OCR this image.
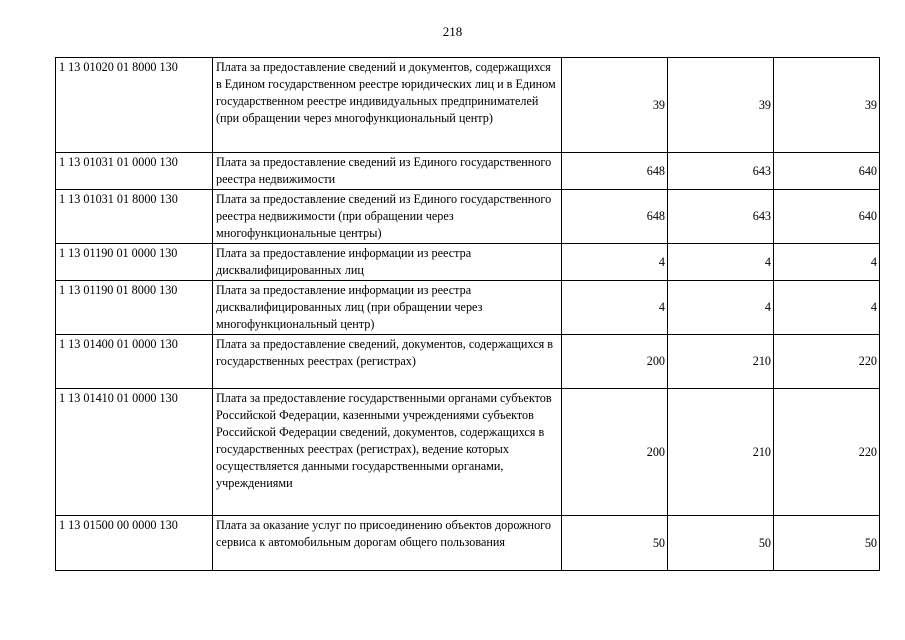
218
1 13 01020 01 8000 130	Плата за предоставление сведений и документов, содержащихся в Едином государственном реестре юридических лиц и в Едином государственном реестре индивидуальных предпринимателей (при обращении через многофункциональный центр)	39	39	39
1 13 01031 01 0000 130	Плата за предоставление сведений из Единого государственного реестра недвижимости	648	643	640
1 13 01031 01 8000 130	Плата за предоставление сведений из Единого государственного реестра недвижимости (при обращении через многофункциональные центры)	648	643	640
1 13 01190 01 0000 130	Плата за предоставление информации из реестра дисквалифицированных лиц	4	4	4
1 13 01190 01 8000 130	Плата за предоставление информации из реестра дисквалифицированных лиц (при обращении через многофункциональный центр)	4	4	4
1 13 01400 01 0000 130	Плата за предоставление сведений, документов, содержащихся в государственных реестрах (регистрах)	200	210	220
1 13 01410 01 0000 130	Плата за предоставление государственными органами субъектов Российской Федерации, казенными учреждениями субъектов Российской Федерации сведений, документов, содержащихся в государственных реестрах (регистрах), ведение которых осуществляется данными государственными органами, учреждениями	200	210	220
1 13 01500 00 0000 130	Плата за оказание услуг по присоединению объектов дорожного сервиса к автомобильным дорогам общего пользования	50	50	50
